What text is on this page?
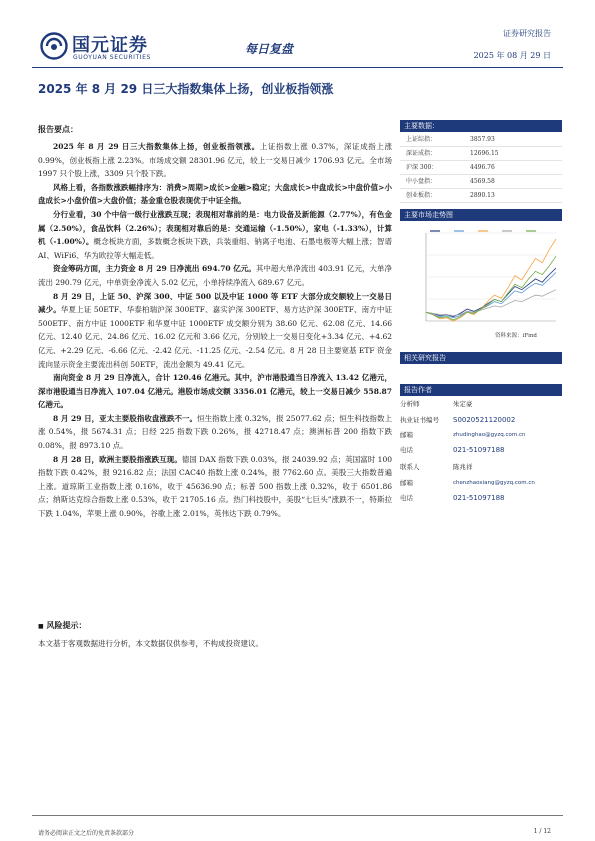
国元证券
GUOYUAN SECURITIES
每日复盘
证券研究报告
2025 年 08 月 29 日
2025 年 8 月 29 日三大指数集体上扬，创业板指领涨
报告要点：

2025 年 8 月 29 日三大指数集体上扬，创业板指领涨。上证指数上涨 0.37%，深证成指上涨 0.99%，创业板指上涨 2.23%。市场成交额 28301.96 亿元，较上一交易日减少 1706.93 亿元。全市场 1997 只个股上涨，3309 只个股下跌。

风格上看，各指数涨跌幅排序为：消费>周期>成长>金融>稳定；大盘成长>中盘成长>中盘价值>小盘成长>小盘价值>大盘价值；基金重仓股表现优于中证全指。

分行业看，30 个中信一级行业涨跌互现；表现相对靠前的是：电力设备及新能源（2.77%），有色金属（2.50%），食品饮料（2.26%）；表现相对靠后的是：交通运输（-1.50%），家电（-1.33%），计算机（-1.00%）。概念板块方面，多数概念板块下跌，兵装重组、钠离子电池、石墨电极等大幅上涨；智谱 AI、WiFi6、华为欧拉等大幅走低。

资金筹码方面，主力资金 8 月 29 日净流出 694.70 亿元。其中超大单净流出 403.91 亿元，大单净流出 290.79 亿元，中单资金净流入 5.02 亿元，小单持续净流入 689.67 亿元。

8 月 29 日，上证 50、沪深 300、中证 500 以及中证 1000 等 ETF 大部分成交额较上一交易日减少。华夏上证 50ETF、华泰柏瑞沪深 300ETF、嘉实沪深 300ETF、易方达沪深 300ETF、南方中证 500ETF、南方中证 1000ETF 和华夏中证 1000ETF 成交额分别为 38.60 亿元、62.08 亿元、14.66 亿元、12.40 亿元、24.86 亿元、16.02 亿元和 3.66 亿元，分别较上一交易日变化+3.34 亿元、+4.62 亿元、+2.29 亿元、-6.66 亿元、-2.42 亿元、-11.25 亿元、-2.54 亿元。8 月 28 日主要宽基 ETF 资金流向显示资金主要流出科创 50ETF，流出金额为 49.41 亿元。

南向资金 8 月 29 日净流入，合计 120.46 亿港元。其中，沪市港股通当日净流入 13.42 亿港元，深市港股通当日净流入 107.04 亿港元。港股市场成交额 3356.01 亿港元，较上一交易日减少 558.87 亿港元。

8 月 29 日，亚太主要股指收盘涨跌不一。恒生指数上涨 0.32%，报 25077.62 点；恒生科技指数上涨 0.54%，报 5674.31 点；日经 225 指数下跌 0.26%，报 42718.47 点；澳洲标普 200 指数下跌 0.08%，报 8973.10 点。

8 月 28 日，欧洲主要股指涨跌互现。德国 DAX 指数下跌 0.03%，报 24039.92 点；英国富时 100 指数下跌 0.42%，报 9216.82 点；法国 CAC40 指数上涨 0.24%，报 7762.60 点。美股三大指数普遍上涨。道琼斯工业指数上涨 0.16%，收于 45636.90 点；标普 500 指数上涨 0.32%，收于 6501.86 点；纳斯达克综合指数上涨 0.53%，收于 21705.16 点。热门科技股中，美股“七巨头”涨跌不一，特斯拉下跌 1.04%，苹果上涨 0.90%，谷歌上涨 2.01%，英伟达下跌 0.79%。

■ 风险提示：
本文基于客观数据进行分析，本文数据仅供参考，不构成投资建议。
主要数据：
上证综指：	3857.93
深证成指：	12696.15
沪深 300：	4496.76
中小盘指：	4569.58
创业板指：	2890.13
主要市场走势图
资料来源：iFind
相关研究报告
报告作者
分析师	朱定豪
执业证书编号 S0020521120002
邮箱	zhudinghao@gyzq.com.cn
电话	021-51097188
联系人	陈兆祥
邮箱	chenzhaoxiang@gyzq.com.cn
电话	021-51097188
请务必阅读正文之后的免责条款部分	1 / 12
